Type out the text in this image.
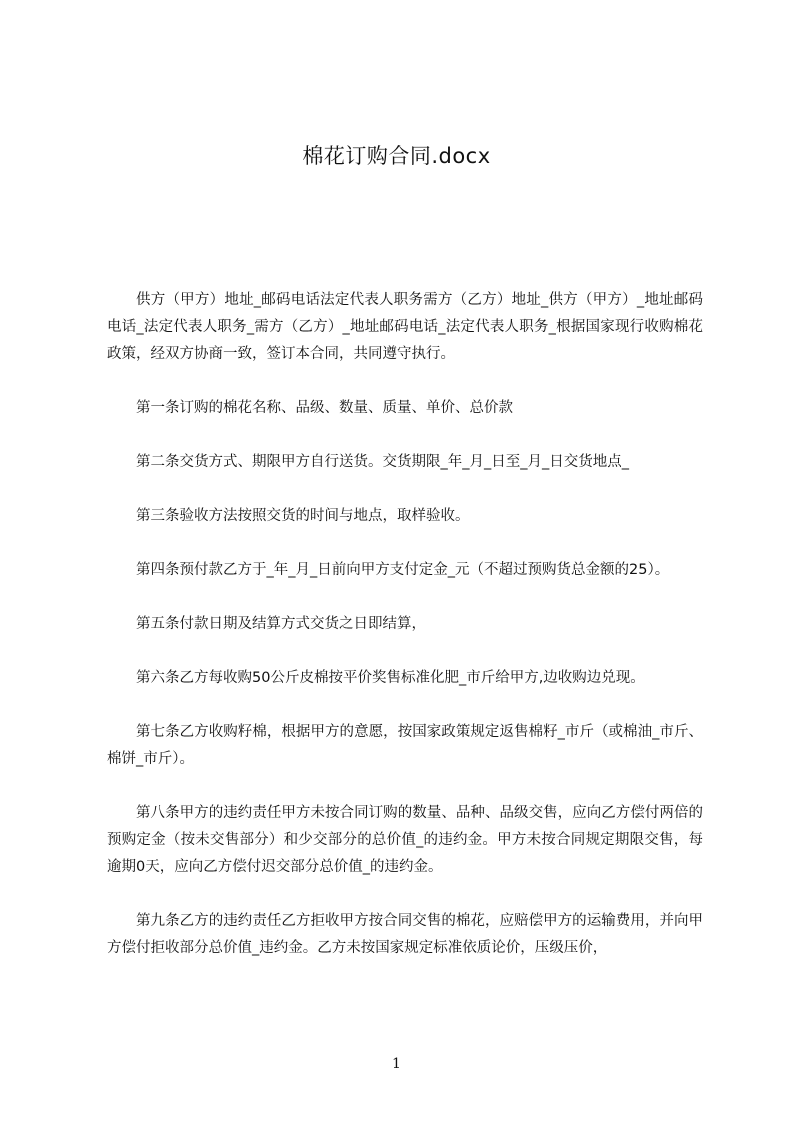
棉花订购合同.docx

供方（甲方）地址_邮码电话法定代表人职务需方（乙方）地址_供方（甲方）_地址邮码电话_法定代表人职务_需方（乙方）_地址邮码电话_法定代表人职务_根据国家现行收购棉花政策，经双方协商一致，签订本合同，共同遵守执行。

第一条订购的棉花名称、品级、数量、质量、单价、总价款

第二条交货方式、期限甲方自行送货。交货期限_年_月_日至_月_日交货地点_

第三条验收方法按照交货的时间与地点，取样验收。

第四条预付款乙方于_年_月_日前向甲方支付定金_元（不超过预购货总金额的25）。

第五条付款日期及结算方式交货之日即结算，

第六条乙方每收购50公斤皮棉按平价奖售标准化肥_市斤给甲方,边收购边兑现。

第七条乙方收购籽棉，根据甲方的意愿，按国家政策规定返售棉籽_市斤（或棉油_市斤、棉饼_市斤）。

第八条甲方的违约责任甲方未按合同订购的数量、品种、品级交售，应向乙方偿付两倍的预购定金（按未交售部分）和少交部分的总价值_的违约金。甲方未按合同规定期限交售，每逾期0天，应向乙方偿付迟交部分总价值_的违约金。

第九条乙方的违约责任乙方拒收甲方按合同交售的棉花，应赔偿甲方的运输费用，并向甲方偿付拒收部分总价值_违约金。乙方未按国家规定标准依质论价，压级压价，

1
